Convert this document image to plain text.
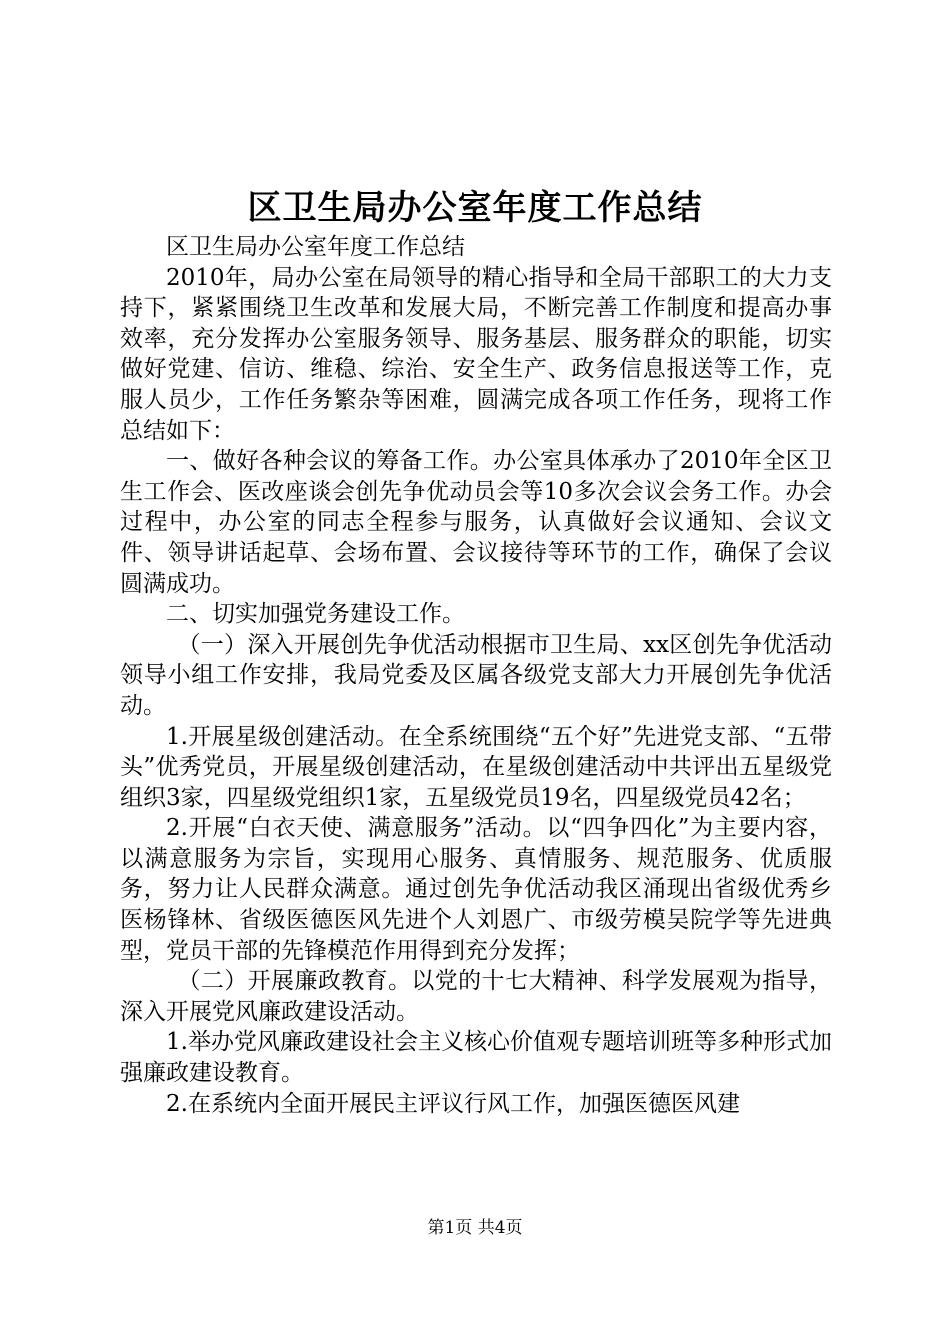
区卫生局办公室年度工作总结

区卫生局办公室年度工作总结

2010年，局办公室在局领导的精心指导和全局干部职工的大力支持下，紧紧围绕卫生改革和发展大局，不断完善工作制度和提高办事效率，充分发挥办公室服务领导、服务基层、服务群众的职能，切实做好党建、信访、维稳、综治、安全生产、政务信息报送等工作，克服人员少，工作任务繁杂等困难，圆满完成各项工作任务，现将工作总结如下：

一、做好各种会议的筹备工作。办公室具体承办了2010年全区卫生工作会、医改座谈会创先争优动员会等10多次会议会务工作。办会过程中，办公室的同志全程参与服务，认真做好会议通知、会议文件、领导讲话起草、会场布置、会议接待等环节的工作，确保了会议圆满成功。

二、切实加强党务建设工作。

（一）深入开展创先争优活动根据市卫生局、xx区创先争优活动领导小组工作安排，我局党委及区属各级党支部大力开展创先争优活动。

1.开展星级创建活动。在全系统围绕“五个好”先进党支部、“五带头”优秀党员，开展星级创建活动，在星级创建活动中共评出五星级党组织3家，四星级党组织1家，五星级党员19名，四星级党员42名；

2.开展“白衣天使、满意服务”活动。以“四争四化”为主要内容，以满意服务为宗旨，实现用心服务、真情服务、规范服务、优质服务，努力让人民群众满意。通过创先争优活动我区涌现出省级优秀乡医杨锋林、省级医德医风先进个人刘恩广、市级劳模吴院学等先进典型，党员干部的先锋模范作用得到充分发挥；

（二）开展廉政教育。以党的十七大精神、科学发展观为指导，深入开展党风廉政建设活动。

1.举办党风廉政建设社会主义核心价值观专题培训班等多种形式加强廉政建设教育。

2.在系统内全面开展民主评议行风工作，加强医德医风建

第1页 共4页
